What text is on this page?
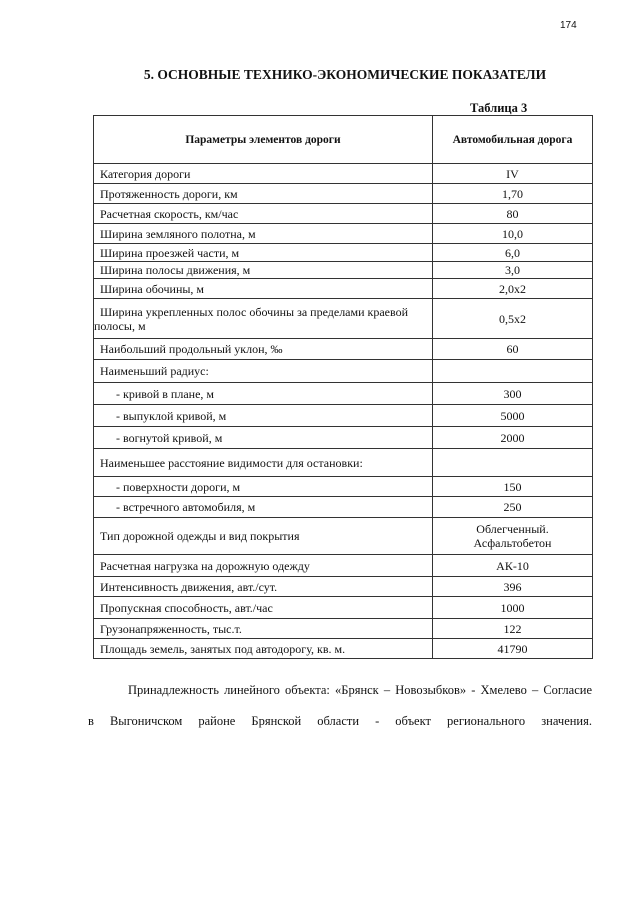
174
5. ОСНОВНЫЕ ТЕХНИКО-ЭКОНОМИЧЕСКИЕ ПОКАЗАТЕЛИ
Таблица 3
Параметры элементов дороги	Автомобильная дорога
Категория дороги	IV
Протяженность дороги, км	1,70
Расчетная скорость, км/час	80
Ширина земляного полотна, м	10,0
Ширина проезжей части, м	6,0
Ширина полосы движения, м	3,0
Ширина обочины, м	2,0х2
Ширина укрепленных полос обочины за пределами краевой полосы, м	0,5х2
Наибольший продольный уклон, ‰	60
Наименьший радиус:	
- кривой в плане, м	300
- выпуклой кривой, м	5000
- вогнутой кривой, м	2000
Наименьшее расстояние видимости для остановки:	
- поверхности дороги, м	150
- встречного автомобиля, м	250
Тип дорожной одежды и вид покрытия	Облегченный. Асфальтобетон
Расчетная нагрузка на дорожную одежду	АК-10
Интенсивность движения, авт./сут.	396
Пропускная способность, авт./час	1000
Грузонапряженность, тыс.т.	122
Площадь земель, занятых под автодорогу, кв. м.	41790
Принадлежность линейного объекта: «Брянск – Новозыбков» - Хмелево – Согласие
в Выгоничском районе Брянской области - объект регионального значения.
